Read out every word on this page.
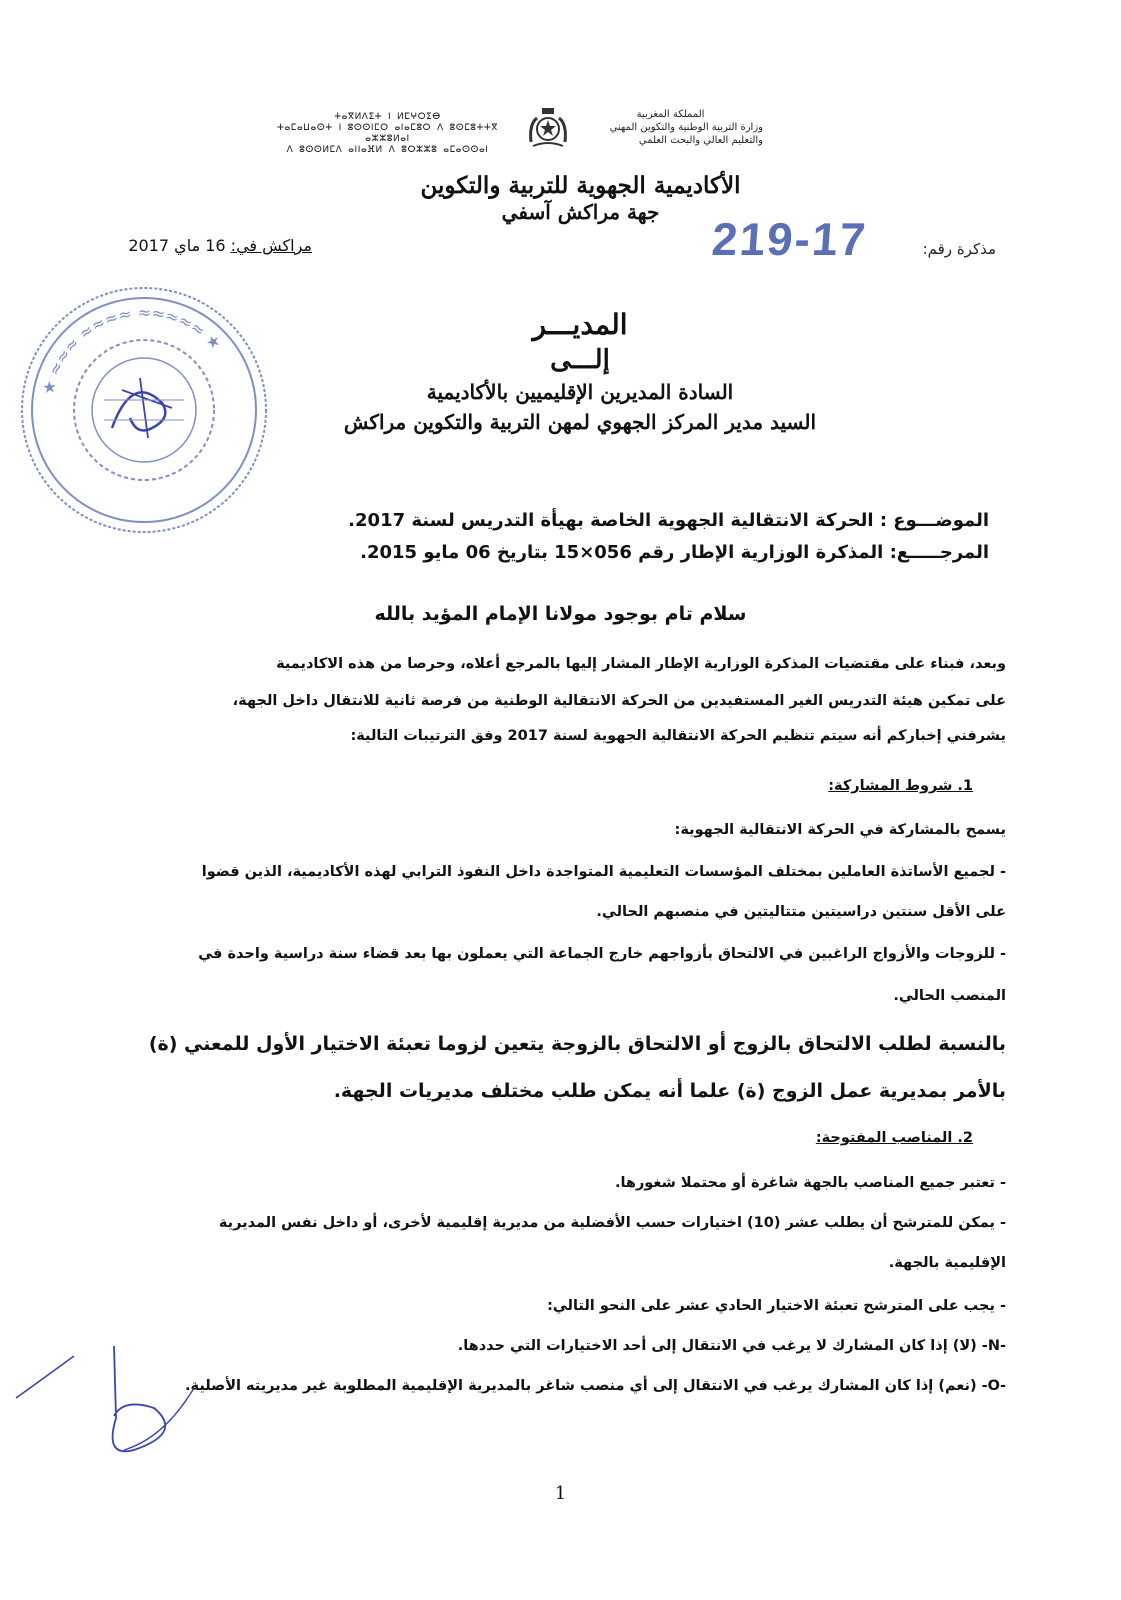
ⵜⴰⴳⵍⴷⵉⵜ ⵏ ⵍⵎⵖⵔⵉⴱ
ⵜⴰⵎⴰⵡⴰⵙⵜ ⵏ ⵓⵙⵙⵏⵎⵔ ⴰⵏⴰⵎⵓⵔ ⴷ ⵓⵙⵎⵓⵜⵜⴳ ⴰⵣⵣⵓⵍⴰⵏ
ⴷ ⵓⵙⵙⵍⵎⴷ ⴰⵏⵏⴰⴼⵍ ⴷ ⵓⵔⵣⵣⵓ ⴰⵎⴰⵙⵙⴰⵏ
المملكة المغربية
وزارة التربية الوطنية والتكوين المهني
والتعليم العالي والبحث العلمي
الأكاديمية الجهوية للتربية والتكوين
جهة مراكش آسفي
مراكش في: 16 ماي 2017	219-17	مذكرة رقم:
★ ≈≈≈ ≈≈≈≈ ≈≈≈≈≈ ★
المديـــر
إلـــى
السادة المديرين الإقليميين بالأكاديمية
السيد مدير المركز الجهوي لمهن التربية والتكوين مراكش
الموضـــوع : الحركة الانتقالية الجهوية الخاصة بهيأة التدريس لسنة 2017.
المرجـــــع: المذكرة الوزارية الإطار رقم 056×15 بتاريخ 06 مايو 2015.
سلام تام بوجود مولانا الإمام المؤيد بالله
وبعد، فبناء على مقتضيات المذكرة الوزارية الإطار المشار إليها بالمرجع أعلاه، وحرصا من هذه الاكاديمية
على تمكين هيئة التدريس الغير المستفيدين من الحركة الانتقالية الوطنية من فرصة ثانية للانتقال داخل الجهة،
يشرفني إخباركم أنه سيتم تنظيم الحركة الانتقالية الجهوية لسنة 2017 وفق الترتيبات التالية:
1. شروط المشاركة:
يسمح بالمشاركة في الحركة الانتقالية الجهوية:
- لجميع الأساتذة العاملين بمختلف المؤسسات التعليمية المتواجدة داخل النفوذ الترابي لهذه الأكاديمية، الذين قضوا
على الأقل سنتين دراسيتين متتاليتين في منصبهم الحالي.
- للزوجات والأزواج الراغبين في الالتحاق بأزواجهم خارج الجماعة التي يعملون بها بعد قضاء سنة دراسية واحدة في
المنصب الحالي.
بالنسبة لطلب الالتحاق بالزوج أو الالتحاق بالزوجة يتعين لزوما تعبئة الاختيار الأول للمعني (ة)
بالأمر بمديرية عمل الزوج (ة) علما أنه يمكن طلب مختلف مديريات الجهة.
2. المناصب المفتوحة:
- تعتبر جميع المناصب بالجهة شاغرة أو محتملا شغورها.
- يمكن للمترشح أن يطلب عشر (10) اختيارات حسب الأفضلية من مديرية إقليمية لأخرى، أو داخل نفس المديرية
الإقليمية بالجهة.
- يجب على المترشح تعبئة الاختيار الحادي عشر على النحو التالي:
-N- (لا) إذا كان المشارك لا يرغب في الانتقال إلى أحد الاختيارات التي حددها.
-O- (نعم) إذا كان المشارك يرغب في الانتقال إلى أي منصب شاغر بالمديرية الإقليمية المطلوبة غير مديريته الأصلية.
1
